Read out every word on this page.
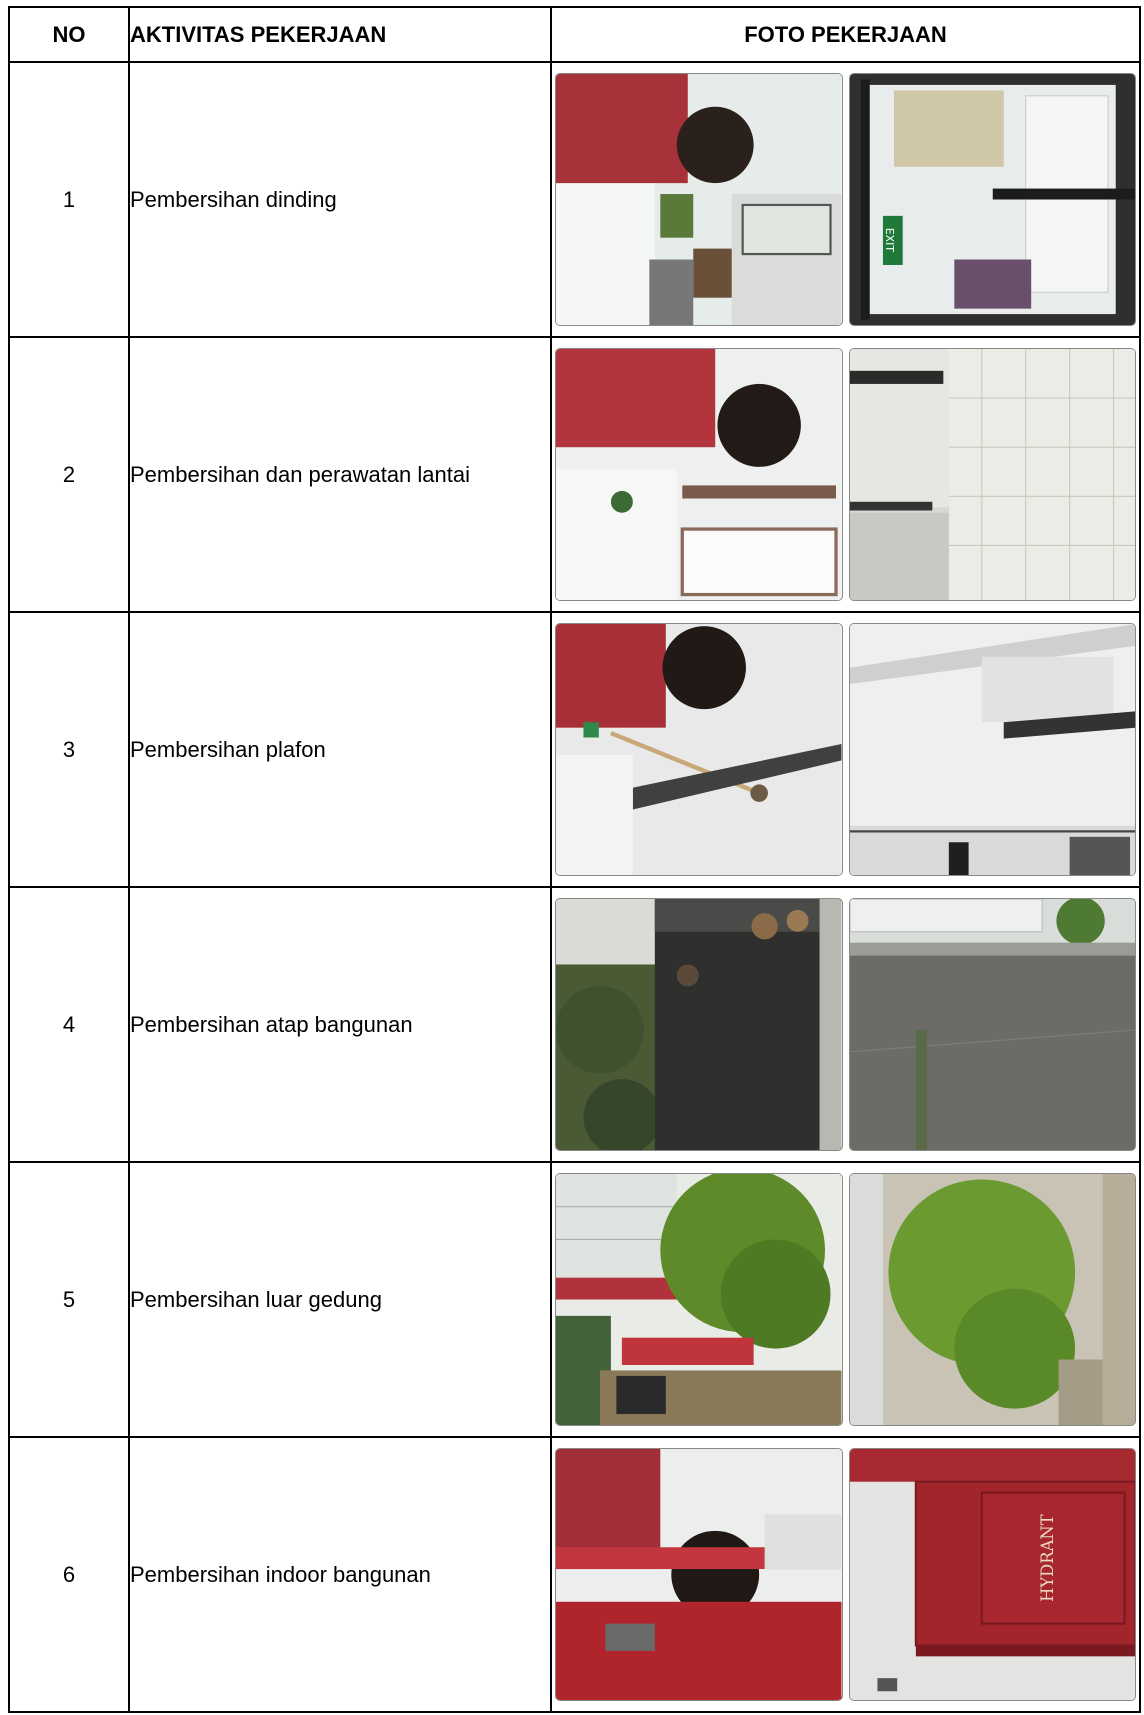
NO	AKTIVITAS PEKERJAAN	FOTO PEKERJAAN
1	Pembersihan dinding	EXIT

2	Pembersihan dan perawatan lantai	

3	Pembersihan plafon	

4	Pembersihan atap bangunan	

5	Pembersihan luar gedung	

6	Pembersihan indoor bangunan	HYDRANT
